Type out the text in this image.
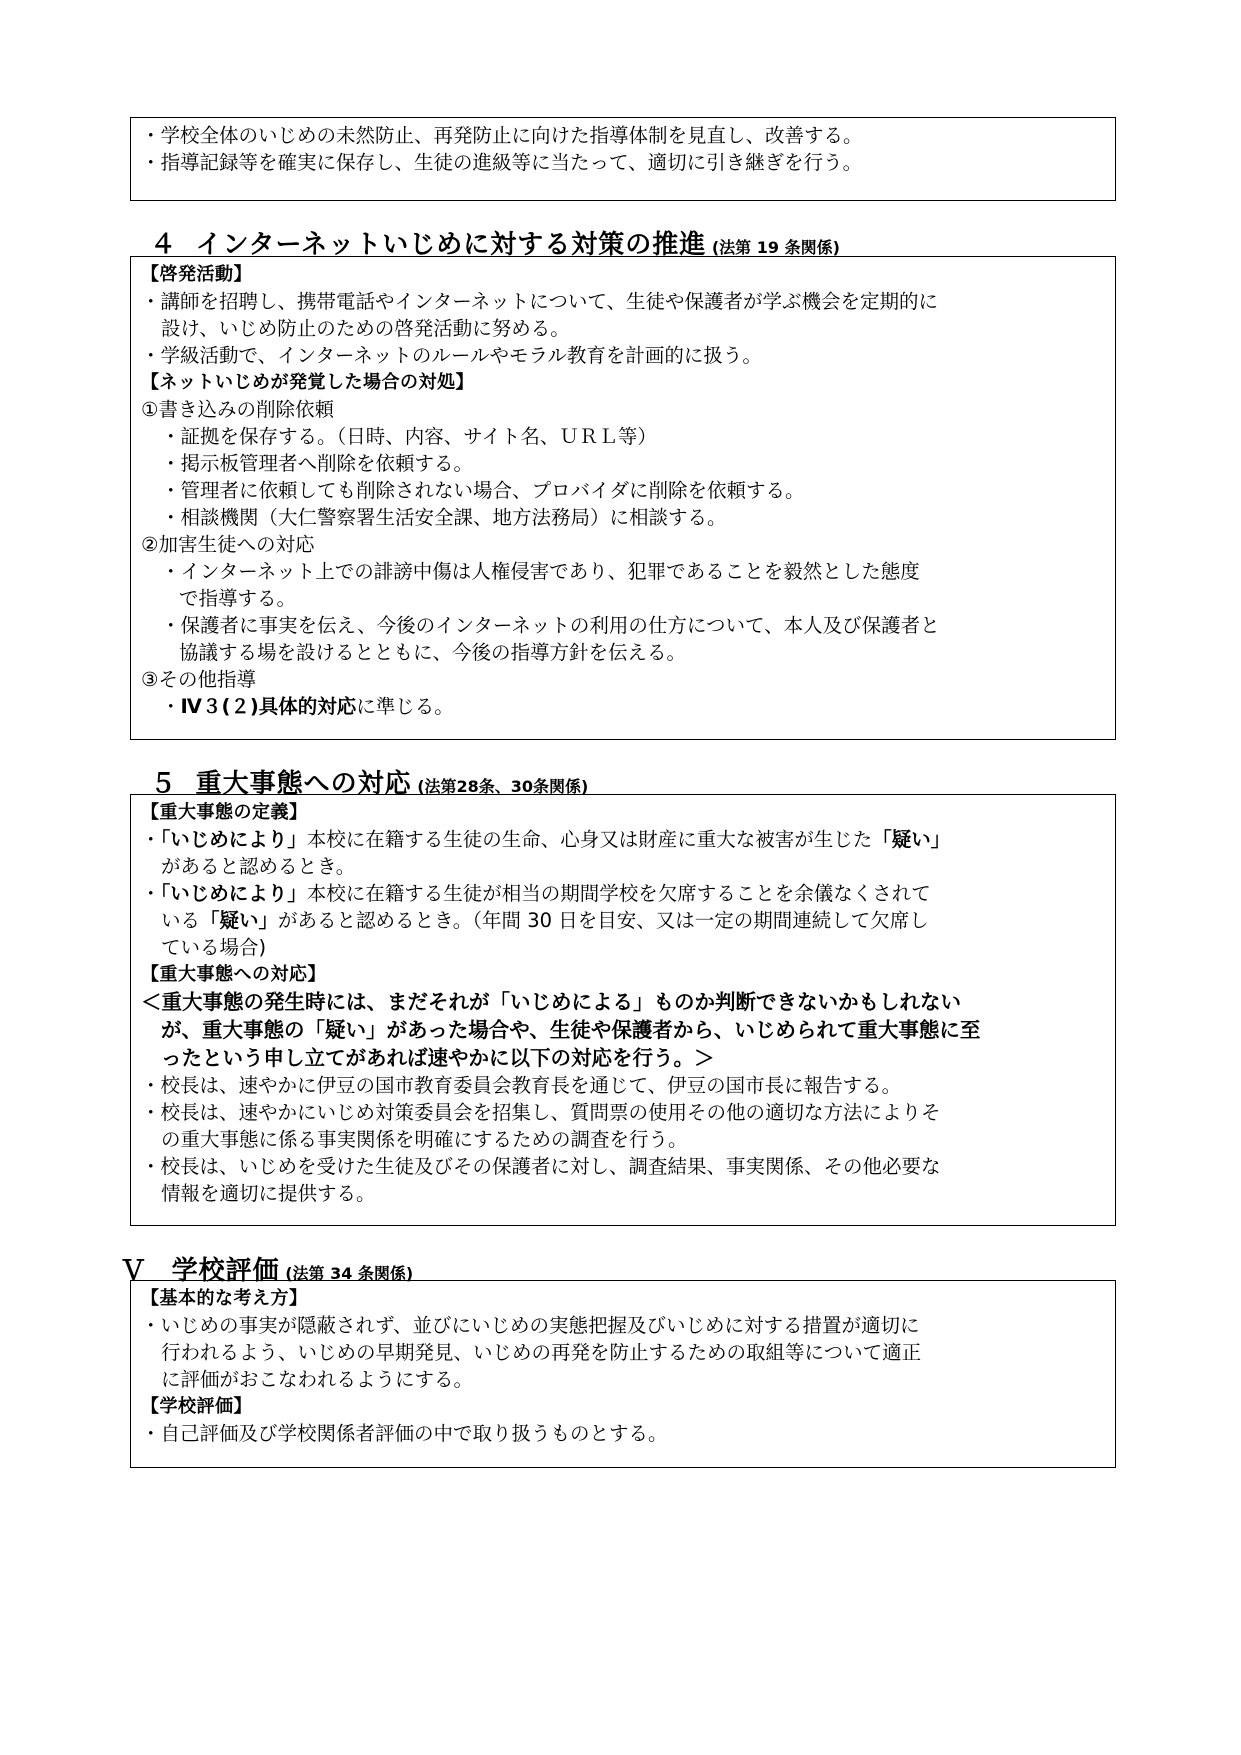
・学校全体のいじめの未然防止、再発防止に向けた指導体制を見直し、改善する。
・指導記録等を確実に保存し、生徒の進級等に当たって、適切に引き継ぎを行う。
４ インターネットいじめに対する対策の推進 (法第 19 条関係)
【啓発活動】
・講師を招聘し、携帯電話やインターネットについて、生徒や保護者が学ぶ機会を定期的に
設け、いじめ防止のための啓発活動に努める。
・学級活動で、インターネットのルールやモラル教育を計画的に扱う。
【ネットいじめが発覚した場合の対処】
①書き込みの削除依頼
・証拠を保存する。（日時、内容、サイト名、ＵＲＬ等）
・掲示板管理者へ削除を依頼する。
・管理者に依頼しても削除されない場合、プロバイダに削除を依頼する。
・相談機関（大仁警察署生活安全課、地方法務局）に相談する。
②加害生徒への対応
・インターネット上での誹謗中傷は人権侵害であり、犯罪であることを毅然とした態度
で指導する。
・保護者に事実を伝え、今後のインターネットの利用の仕方について、本人及び保護者と
協議する場を設けるとともに、今後の指導方針を伝える。
③その他指導
・Ⅳ３(２)具体的対応に準じる。
５ 重大事態への対応 (法第28条、30条関係)
【重大事態の定義】
・「いじめにより」本校に在籍する生徒の生命、心身又は財産に重大な被害が生じた「疑い」
があると認めるとき。
・「いじめにより」本校に在籍する生徒が相当の期間学校を欠席することを余儀なくされて
いる「疑い」があると認めるとき。（年間 30 日を目安、又は一定の期間連続して欠席し
ている場合)
【重大事態への対応】
＜重大事態の発生時には、まだそれが「いじめによる」ものか判断できないかもしれない
が、重大事態の「疑い」があった場合や、生徒や保護者から、いじめられて重大事態に至
ったという申し立てがあれば速やかに以下の対応を行う。＞
・校長は、速やかに伊豆の国市教育委員会教育長を通じて、伊豆の国市長に報告する。
・校長は、速やかにいじめ対策委員会を招集し、質問票の使用その他の適切な方法によりそ
の重大事態に係る事実関係を明確にするための調査を行う。
・校長は、いじめを受けた生徒及びその保護者に対し、調査結果、事実関係、その他必要な
情報を適切に提供する。
Ｖ 学校評価 (法第 34 条関係)
【基本的な考え方】
・いじめの事実が隠蔽されず、並びにいじめの実態把握及びいじめに対する措置が適切に
行われるよう、いじめの早期発見、いじめの再発を防止するための取組等について適正
に評価がおこなわれるようにする。
【学校評価】
・自己評価及び学校関係者評価の中で取り扱うものとする。
